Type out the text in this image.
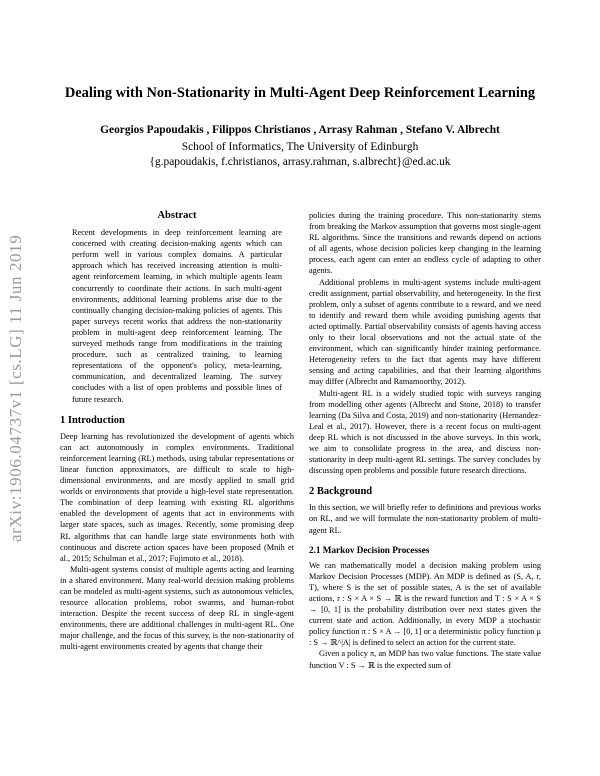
Dealing with Non-Stationarity in Multi-Agent Deep Reinforcement Learning
Georgios Papoudakis , Filippos Christianos , Arrasy Rahman , Stefano V. Albrecht
School of Informatics, The University of Edinburgh
{g.papoudakis, f.christianos, arrasy.rahman, s.albrecht}@ed.ac.uk
arXiv:1906.04737v1 [cs.LG] 11 Jun 2019
Abstract

Recent developments in deep reinforcement learning are concerned with creating decision-making agents which can perform well in various complex domains. A particular approach which has received increasing attention is multi-agent reinforcement learning, in which multiple agents learn concurrently to coordinate their actions. In such multi-agent environments, additional learning problems arise due to the continually changing decision-making policies of agents. This paper surveys recent works that address the non-stationarity problem in multi-agent deep reinforcement learning. The surveyed methods range from modifications in the training procedure, such as centralized training, to learning representations of the opponent's policy, meta-learning, communication, and decentralized learning. The survey concludes with a list of open problems and possible lines of future research.

1 Introduction

Deep learning has revolutionized the development of agents which can act autonomously in complex environments. Traditional reinforcement learning (RL) methods, using tabular representations or linear function approximators, are difficult to scale to high-dimensional environments, and are mostly applied to small grid worlds or environments that provide a high-level state representation. The combination of deep learning with existing RL algorithms enabled the development of agents that act in environments with larger state spaces, such as images. Recently, some promising deep RL algorithms that can handle large state environments both with continuous and discrete action spaces have been proposed (Mnih et al., 2015; Schulman et al., 2017; Fujimoto et al., 2018).

Multi-agent systems consist of multiple agents acting and learning in a shared environment. Many real-world decision making problems can be modeled as multi-agent systems, such as autonomous vehicles, resource allocation problems, robot swarms, and human-robot interaction. Despite the recent success of deep RL in single-agent environments, there are additional challenges in multi-agent RL. One major challenge, and the focus of this survey, is the non-stationarity of multi-agent environments created by agents that change their

policies during the training procedure. This non-stationarity stems from breaking the Markov assumption that governs most single-agent RL algorithms. Since the transitions and rewards depend on actions of all agents, whose decision policies keep changing in the learning process, each agent can enter an endless cycle of adapting to other agents.

Additional problems in multi-agent systems include multi-agent credit assignment, partial observability, and heterogeneity. In the first problem, only a subset of agents contribute to a reward, and we need to identify and reward them while avoiding punishing agents that acted optimally. Partial observability consists of agents having access only to their local observations and not the actual state of the environment, which can significantly hinder training performance. Heterogeneity refers to the fact that agents may have different sensing and acting capabilities, and that their learning algorithms may differ (Albrecht and Ramamoorthy, 2012).

Multi-agent RL is a widely studied topic with surveys ranging from modelling other agents (Albrecht and Stone, 2018) to transfer learning (Da Silva and Costa, 2019) and non-stationarity (Hernandez-Leal et al., 2017). However, there is a recent focus on multi-agent deep RL which is not discussed in the above surveys. In this work, we aim to consolidate progress in the area, and discuss non-stationarity in deep multi-agent RL settings. The survey concludes by discussing open problems and possible future research directions.

2 Background

In this section, we will briefly refer to definitions and previous works on RL, and we will formulate the non-stationarity problem of multi-agent RL.

2.1 Markov Decision Processes

We can mathematically model a decision making problem using Markov Decision Processes (MDP). An MDP is defined as (S, A, r, T), where S is the set of possible states, A is the set of available actions, r : S × A × S → ℝ is the reward function and T : S × A × S → [0, 1] is the probability distribution over next states given the current state and action. Additionally, in every MDP a stochastic policy function π : S × A → [0, 1] or a deterministic policy function μ : S → ℝ^|A| is defined to select an action for the current state.

Given a policy π, an MDP has two value functions. The state value function V : S → ℝ is the expected sum of
